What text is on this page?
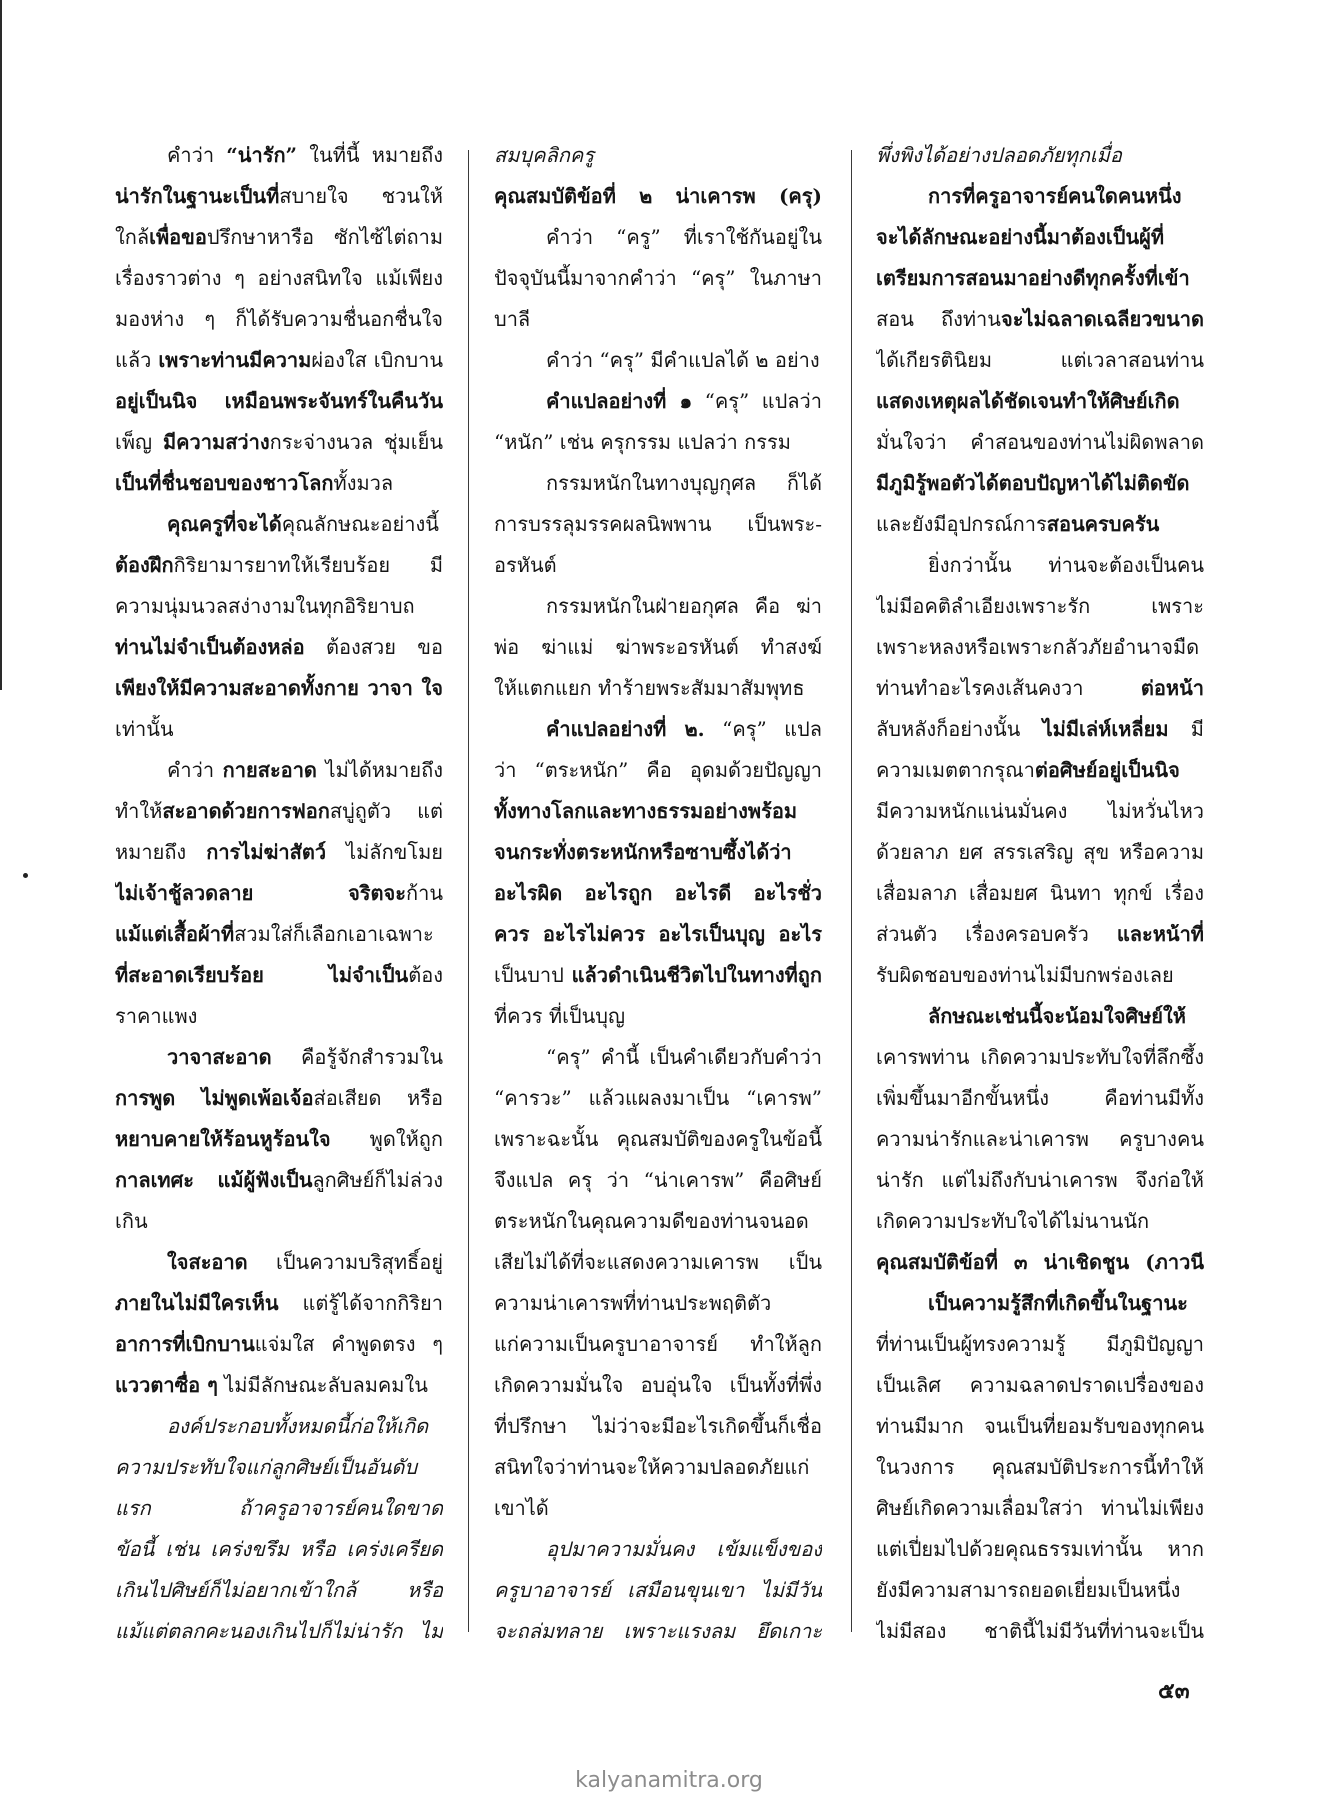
คำว่า “น่ารัก” ในที่นี้ หมายถึง
น่ารักในฐานะเป็นที่สบายใจ ชวนให้
ใกล้เพื่อขอปรึกษาหารือ ซักไซ้ไต่ถาม
เรื่องราวต่าง ๆ อย่างสนิทใจ แม้เพียง
มองห่าง ๆ ก็ได้รับความชื่นอกชื่นใจ
แล้ว เพราะท่านมีความผ่องใส เบิกบาน
อยู่เป็นนิจ เหมือนพระจันทร์ในคืนวัน
เพ็ญ มีความสว่างกระจ่างนวล ชุ่มเย็น
เป็นที่ชื่นชอบของชาวโลกทั้งมวล
คุณครูที่จะได้คุณลักษณะอย่างนี้
ต้องฝึกกิริยามารยาทให้เรียบร้อย มี
ความนุ่มนวลสง่างามในทุกอิริยาบถ
ท่านไม่จำเป็นต้องหล่อ ต้องสวย ขอ
เพียงให้มีความสะอาดทั้งกาย วาจา ใจ
เท่านั้น
คำว่า กายสะอาด ไม่ได้หมายถึง
ทำให้สะอาดด้วยการฟอกสบู่ถูตัว แต่
หมายถึง การไม่ฆ่าสัตว์ ไม่ลักขโมย
ไม่เจ้าชู้ลวดลาย จริตจะก้าน
แม้แต่เสื้อผ้าที่สวมใส่ก็เลือกเอาเฉพาะ
ที่สะอาดเรียบร้อย ไม่จำเป็นต้อง
ราคาแพง
วาจาสะอาด คือรู้จักสำรวมใน
การพูด ไม่พูดเพ้อเจ้อส่อเสียด หรือ
หยาบคายให้ร้อนหูร้อนใจ พูดให้ถูก
กาลเทศะ แม้ผู้ฟังเป็นลูกศิษย์ก็ไม่ล่วง
เกิน
ใจสะอาด เป็นความบริสุทธิ์อยู่
ภายในไม่มีใครเห็น แต่รู้ได้จากกิริยา
อาการที่เบิกบานแจ่มใส คำพูดตรง ๆ
แววตาซื่อ ๆ ไม่มีลักษณะลับลมคมใน
องค์ประกอบทั้งหมดนี้ก่อให้เกิด
ความประทับใจแก่ลูกศิษย์เป็นอันดับ
แรก ถ้าครูอาจารย์คนใดขาด
ข้อนี้ เช่น เคร่งขรึม หรือ เคร่งเครียด
เกินไปศิษย์ก็ไม่อยากเข้าใกล้ หรือ
แม้แต่ตลกคะนองเกินไปก็ไม่น่ารัก ไม่
สมบุคลิกครู
คุณสมบัติข้อที่ ๒ น่าเคารพ (ครุ)
คำว่า “ครู” ที่เราใช้กันอยู่ใน
ปัจจุบันนี้มาจากคำว่า “ครุ” ในภาษา
บาลี
คำว่า “ครุ” มีคำแปลได้ ๒ อย่าง
คำแปลอย่างที่ ๑ “ครุ” แปลว่า
“หนัก” เช่น ครุกรรม แปลว่า กรรม
กรรมหนักในทางบุญกุศล ก็ได้
การบรรลุมรรคผลนิพพาน เป็นพระ-
อรหันต์
กรรมหนักในฝ่ายอกุศล คือ ฆ่า
พ่อ ฆ่าแม่ ฆ่าพระอรหันต์ ทำสงฆ์
ให้แตกแยก ทำร้ายพระสัมมาสัมพุทธ
คำแปลอย่างที่ ๒. “ครุ” แปล
ว่า “ตระหนัก” คือ อุดมด้วยปัญญา
ทั้งทางโลกและทางธรรมอย่างพร้อม
จนกระทั่งตระหนักหรือซาบซึ้งได้ว่า
อะไรผิด อะไรถูก อะไรดี อะไรชั่ว
ควร อะไรไม่ควร อะไรเป็นบุญ อะไร
เป็นบาป แล้วดำเนินชีวิตไปในทางที่ถูก
ที่ควร ที่เป็นบุญ
“ครุ” คำนี้ เป็นคำเดียวกับคำว่า
“คารวะ” แล้วแผลงมาเป็น “เคารพ”
เพราะฉะนั้น คุณสมบัติของครูในข้อนี้
จึงแปล ครุ ว่า “น่าเคารพ” คือศิษย์
ตระหนักในคุณความดีของท่านจนอด
เสียไม่ได้ที่จะแสดงความเคารพ เป็น
ความน่าเคารพที่ท่านประพฤติตัว
แก่ความเป็นครูบาอาจารย์ ทำให้ลูก
เกิดความมั่นใจ อบอุ่นใจ เป็นทั้งที่พึ่ง
ที่ปรึกษา ไม่ว่าจะมีอะไรเกิดขึ้นก็เชื่อ
สนิทใจว่าท่านจะให้ความปลอดภัยแก่
เขาได้
อุปมาความมั่นคง เข้มแข็งของ
ครูบาอาจารย์ เสมือนขุนเขา ไม่มีวัน
จะถล่มทลาย เพราะแรงลม ยึดเกาะ
พึ่งพิงได้อย่างปลอดภัยทุกเมื่อ
การที่ครูอาจารย์คนใดคนหนึ่ง
จะได้ลักษณะอย่างนี้มาต้องเป็นผู้ที่
เตรียมการสอนมาอย่างดีทุกครั้งที่เข้า
สอน ถึงท่านจะไม่ฉลาดเฉลียวขนาด
ได้เกียรตินิยม แต่เวลาสอนท่าน
แสดงเหตุผลได้ชัดเจนทำให้ศิษย์เกิด
มั่นใจว่า คำสอนของท่านไม่ผิดพลาด
มีภูมิรู้พอตัวได้ตอบปัญหาได้ไม่ติดขัด
และยังมีอุปกรณ์การสอนครบครัน
ยิ่งกว่านั้น ท่านจะต้องเป็นคน
ไม่มีอคติลำเอียงเพราะรัก เพราะ
เพราะหลงหรือเพราะกลัวภัยอำนาจมืด
ท่านทำอะไรคงเส้นคงวา ต่อหน้า
ลับหลังก็อย่างนั้น ไม่มีเล่ห์เหลี่ยม มี
ความเมตตากรุณาต่อศิษย์อยู่เป็นนิจ
มีความหนักแน่นมั่นคง ไม่หวั่นไหว
ด้วยลาภ ยศ สรรเสริญ สุข หรือความ
เสื่อมลาภ เสื่อมยศ นินทา ทุกข์ เรื่อง
ส่วนตัว เรื่องครอบครัว และหน้าที่
รับผิดชอบของท่านไม่มีบกพร่องเลย
ลักษณะเช่นนี้จะน้อมใจศิษย์ให้
เคารพท่าน เกิดความประทับใจที่ลึกซึ้ง
เพิ่มขึ้นมาอีกขั้นหนึ่ง คือท่านมีทั้ง
ความน่ารักและน่าเคารพ ครูบางคน
น่ารัก แต่ไม่ถึงกับน่าเคารพ จึงก่อให้
เกิดความประทับใจได้ไม่นานนัก
คุณสมบัติข้อที่ ๓ น่าเชิดชูน (ภาวนี
เป็นความรู้สึกที่เกิดขึ้นในฐานะ
ที่ท่านเป็นผู้ทรงความรู้ มีภูมิปัญญา
เป็นเลิศ ความฉลาดปราดเปรื่องของ
ท่านมีมาก จนเป็นที่ยอมรับของทุกคน
ในวงการ คุณสมบัติประการนี้ทำให้
ศิษย์เกิดความเลื่อมใสว่า ท่านไม่เพียง
แต่เปี่ยมไปด้วยคุณธรรมเท่านั้น หาก
ยังมีความสามารถยอดเยี่ยมเป็นหนึ่ง
ไม่มีสอง ชาตินี้ไม่มีวันที่ท่านจะเป็น
๕๓
kalyanamitra.org
